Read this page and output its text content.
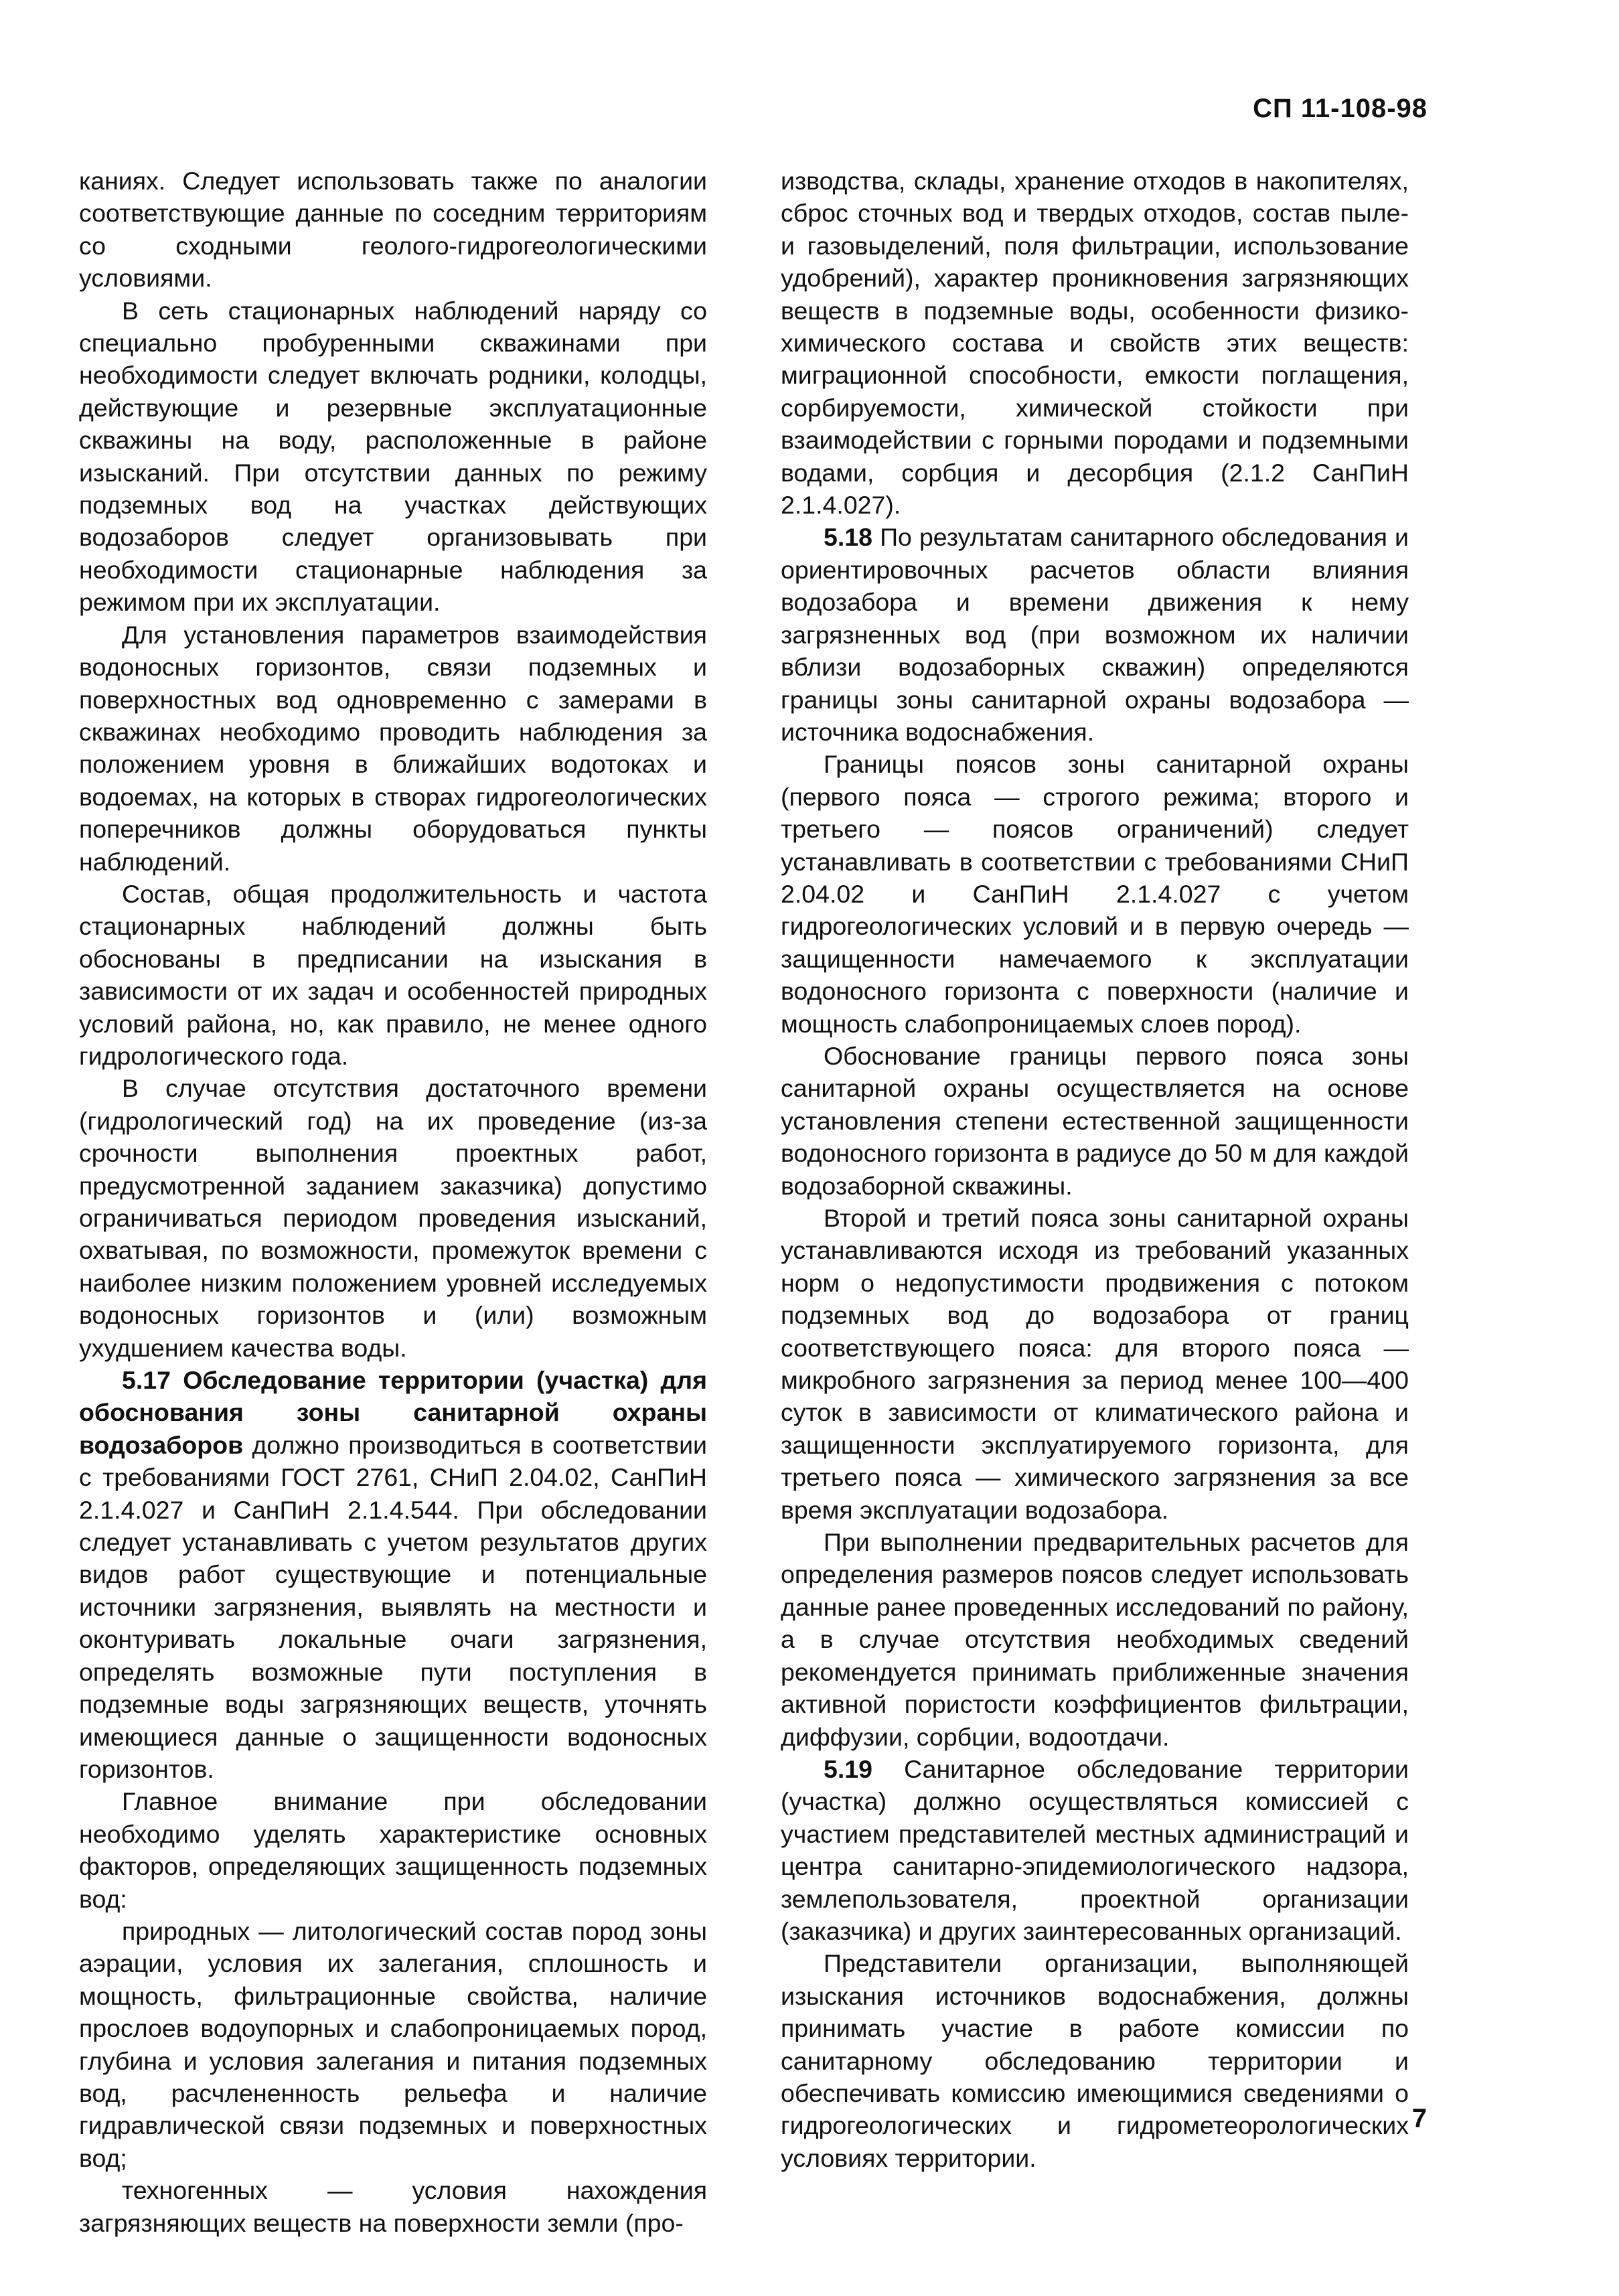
СП 11-108-98

каниях. Следует использовать также по аналогии соответствующие данные по соседним территориям со сходными геолого-гидрогеологическими условиями.

В сеть стационарных наблюдений наряду со специально пробуренными скважинами при необходимости следует включать родники, колодцы, действующие и резервные эксплуатационные скважины на воду, расположенные в районе изысканий. При отсутствии данных по режиму подземных вод на участках действующих водозаборов следует организовывать при необходимости стационарные наблюдения за режимом при их эксплуатации.

Для установления параметров взаимодействия водоносных горизонтов, связи подземных и поверхностных вод одновременно с замерами в скважинах необходимо проводить наблюдения за положением уровня в ближайших водотоках и водоемах, на которых в створах гидрогеологических поперечников должны оборудоваться пункты наблюдений.

Состав, общая продолжительность и частота стационарных наблюдений должны быть обоснованы в предписании на изыскания в зависимости от их задач и особенностей природных условий района, но, как правило, не менее одного гидрологического года.

В случае отсутствия достаточного времени (гидрологический год) на их проведение (из-за срочности выполнения проектных работ, предусмотренной заданием заказчика) допустимо ограничиваться периодом проведения изысканий, охватывая, по возможности, промежуток времени с наиболее низким положением уровней исследуемых водоносных горизонтов и (или) возможным ухудшением качества воды.

5.17 Обследование территории (участка) для обоснования зоны санитарной охраны водозаборов должно производиться в соответствии с требованиями ГОСТ 2761, СНиП 2.04.02, СанПиН 2.1.4.027 и СанПиН 2.1.4.544. При обследовании следует устанавливать с учетом результатов других видов работ существующие и потенциальные источники загрязнения, выявлять на местности и оконтуривать локальные очаги загрязнения, определять возможные пути поступления в подземные воды загрязняющих веществ, уточнять имеющиеся данные о защищенности водоносных горизонтов.

Главное внимание при обследовании необходимо уделять характеристике основных факторов, определяющих защищенность подземных вод:

природных — литологический состав пород зоны аэрации, условия их залегания, сплошность и мощность, фильтрационные свойства, наличие прослоев водоупорных и слабопроницаемых пород, глубина и условия залегания и питания подземных вод, расчлененность рельефа и наличие гидравлической связи подземных и поверхностных вод;

техногенных — условия нахождения загрязняющих веществ на поверхности земли (про-

изводства, склады, хранение отходов в накопителях, сброс сточных вод и твердых отходов, состав пыле- и газовыделений, поля фильтрации, использование удобрений), характер проникновения загрязняющих веществ в подземные воды, особенности физико-химического состава и свойств этих веществ: миграционной способности, емкости поглащения, сорбируемости, химической стойкости при взаимодействии с горными породами и подземными водами, сорбция и десорбция (2.1.2 СанПиН 2.1.4.027).

5.18 По результатам санитарного обследования и ориентировочных расчетов области влияния водозабора и времени движения к нему загрязненных вод (при возможном их наличии вблизи водозаборных скважин) определяются границы зоны санитарной охраны водозабора — источника водоснабжения.

Границы поясов зоны санитарной охраны (первого пояса — строгого режима; второго и третьего — поясов ограничений) следует устанавливать в соответствии с требованиями СНиП 2.04.02 и СанПиН 2.1.4.027 с учетом гидрогеологических условий и в первую очередь — защищенности намечаемого к эксплуатации водоносного горизонта с поверхности (наличие и мощность слабопроницаемых слоев пород).

Обоснование границы первого пояса зоны санитарной охраны осуществляется на основе установления степени естественной защищенности водоносного горизонта в радиусе до 50 м для каждой водозаборной скважины.

Второй и третий пояса зоны санитарной охраны устанавливаются исходя из требований указанных норм о недопустимости продвижения с потоком подземных вод до водозабора от границ соответствующего пояса: для второго пояса — микробного загрязнения за период менее 100—400 суток в зависимости от климатического района и защищенности эксплуатируемого горизонта, для третьего пояса — химического загрязнения за все время эксплуатации водозабора.

При выполнении предварительных расчетов для определения размеров поясов следует использовать данные ранее проведенных исследований по району, а в случае отсутствия необходимых сведений рекомендуется принимать приближенные значения активной пористости коэффициентов фильтрации, диффузии, сорбции, водоотдачи.

5.19 Санитарное обследование территории (участка) должно осуществляться комиссией с участием представителей местных администраций и центра санитарно-эпидемиологического надзора, землепользователя, проектной организации (заказчика) и других заинтересованных организаций.

Представители организации, выполняющей изыскания источников водоснабжения, должны принимать участие в работе комиссии по санитарному обследованию территории и обеспечивать комиссию имеющимися сведениями о гидрогеологических и гидрометеорологических условиях территории.

7
